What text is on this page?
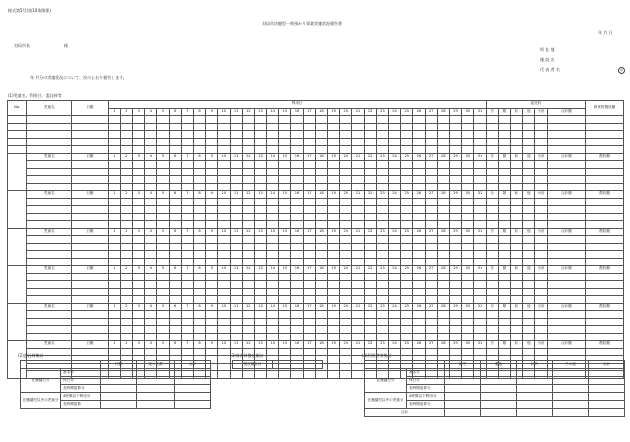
様式第5号(第10条関係)
対局市法観型一時預かり事業実施状況報告書
年 月 日
対局市長	様
所 在 地
施 設 名
代 表 者 名	印
年 月分の実施状況について、次のとおり報告します。
(1)児童名、利用日、委託料等
No.	児童名	日額	利用日																															委託料						保育料徴収額
			1	2	3	4	5	6	7	8	9	10	11	12	13	14	15	16	17	18	19	20	21	22	23	24	25	26	27	28	29	30	31	分	類	私	他	小計	合計額	

	児童名	日額	1	2	3	4	5	6	7	8	9	10	11	12	13	14	15	16	17	18	19	20	21	22	23	24	25	26	27	28	29	30	31	分	類	私	他	小計	合計額	徴収額

	児童名	日額	1	2	3	4	5	6	7	8	9	10	11	12	13	14	15	16	17	18	19	20	21	22	23	24	25	26	27	28	29	30	31	分	類	私	他	小計	合計額	徴収額

	児童名	日額	1	2	3	4	5	6	7	8	9	10	11	12	13	14	15	16	17	18	19	20	21	22	23	24	25	26	27	28	29	30	31	分	類	私	他	小計	合計額	徴収額

	児童名	日額	1	2	3	4	5	6	7	8	9	10	11	12	13	14	15	16	17	18	19	20	21	22	23	24	25	26	27	28	29	30	31	分	類	私	他	小計	合計額	徴収額

	児童名	日額	1	2	3	4	5	6	7	8	9	10	11	12	13	14	15	16	17	18	19	20	21	22	23	24	25	26	27	28	29	30	31	分	類	私	他	小計	合計額	徴収額

	児童名	日額	1	2	3	4	5	6	7	8	9	10	11	12	13	14	15	16	17	18	19	20	21	22	23	24	25	26	27	28	29	30	31	分	類	私	他	小計	合計額	徴収額

(2)委託料集計
		日額	延べ人数	合計
在籍園児分	基本分			
	休日分			
	長時間加算分			
在籍園児以外の児童分	4時間以下利用分			
	長時間加算			
(3)保育料徴収額計
徴収額合計	
(4)利用者等集計
		就労	製造	私的	その他	合計
在籍園児分	基本分					
	休日分					
	長時間加算分					
在籍園児以外の児童分	4時間以下利用分					
	長時間加算分					
合計						
